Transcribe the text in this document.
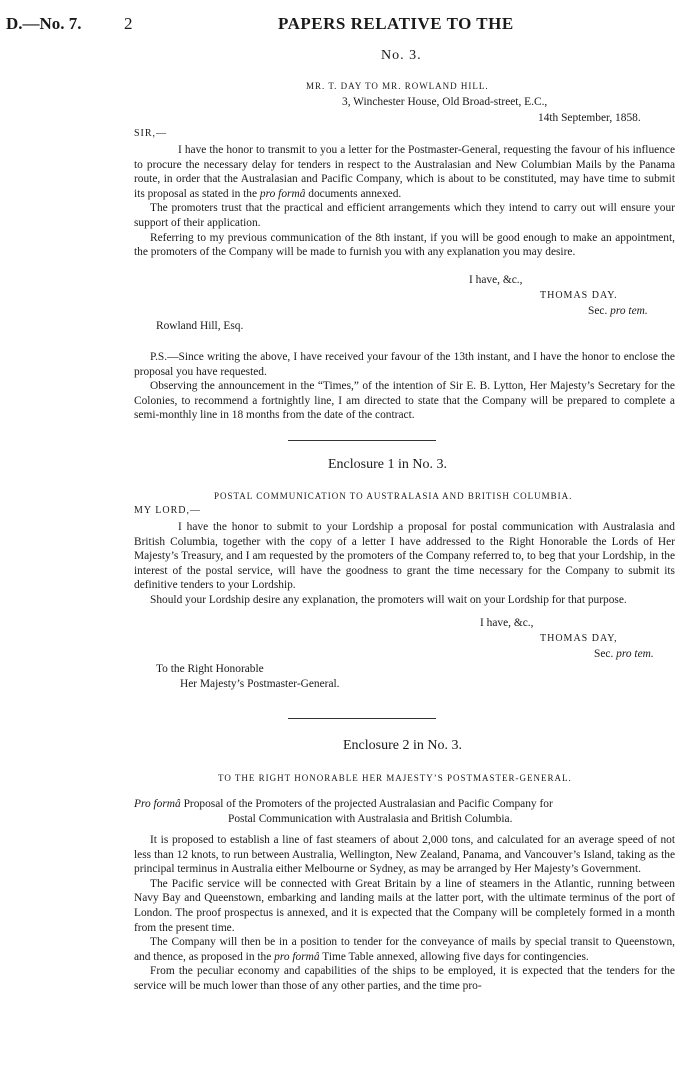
D.—No. 7. 2	PAPERS RELATIVE TO THE
No. 3.
MR. T. DAY TO MR. ROWLAND HILL.
3, Winchester House, Old Broad-street, E.C.,
14th September, 1858.
SIR,—

I have the honor to transmit to you a letter for the Postmaster-General, requesting the favour of his influence to procure the necessary delay for tenders in respect to the Australasian and New Columbian Mails by the Panama route, in order that the Australasian and Pacific Company, which is about to be constituted, may have time to submit its proposal as stated in the pro formâ documents annexed.

The promoters trust that the practical and efficient arrangements which they intend to carry out will ensure your support of their application.

Referring to my previous communication of the 8th instant, if you will be good enough to make an appointment, the promoters of the Company will be made to furnish you with any explanation you may desire.

I have, &c.,
THOMAS DAY.
Sec. pro tem.
Rowland Hill, Esq.

P.S.—Since writing the above, I have received your favour of the 13th instant, and I have the honor to enclose the proposal you have requested.

Observing the announcement in the “Times,” of the intention of Sir E. B. Lytton, Her Majesty’s Secretary for the Colonies, to recommend a fortnightly line, I am directed to state that the Company will be prepared to complete a semi-monthly line in 18 months from the date of the contract.

Enclosure 1 in No. 3.
POSTAL COMMUNICATION TO AUSTRALASIA AND BRITISH COLUMBIA.
MY LORD,—

I have the honor to submit to your Lordship a proposal for postal communication with Australasia and British Columbia, together with the copy of a letter I have addressed to the Right Honorable the Lords of Her Majesty’s Treasury, and I am requested by the promoters of the Company referred to, to beg that your Lordship, in the interest of the postal service, will have the goodness to grant the time necessary for the Company to submit its definitive tenders to your Lordship.

Should your Lordship desire any explanation, the promoters will wait on your Lordship for that purpose.

I have, &c.,
THOMAS DAY,
Sec. pro tem.
To the Right Honorable
Her Majesty’s Postmaster-General.
Enclosure 2 in No. 3.
TO THE RIGHT HONORABLE HER MAJESTY’S POSTMASTER-GENERAL.
Pro formâ Proposal of the Promoters of the projected Australasian and Pacific Company for
Postal Communication with Australasia and British Columbia.

It is proposed to establish a line of fast steamers of about 2,000 tons, and calculated for an average speed of not less than 12 knots, to run between Australia, Wellington, New Zealand, Panama, and Vancouver’s Island, taking as the principal terminus in Australia either Melbourne or Sydney, as may be arranged by Her Majesty’s Government.

The Pacific service will be connected with Great Britain by a line of steamers in the Atlantic, running between Navy Bay and Queenstown, embarking and landing mails at the latter port, with the ultimate terminus of the port of London. The proof prospectus is annexed, and it is expected that the Company will be completely formed in a month from the present time.

The Company will then be in a position to tender for the conveyance of mails by special transit to Queenstown, and thence, as proposed in the pro formâ Time Table annexed, allowing five days for contingencies.

From the peculiar economy and capabilities of the ships to be employed, it is expected that the tenders for the service will be much lower than those of any other parties, and the time pro-
